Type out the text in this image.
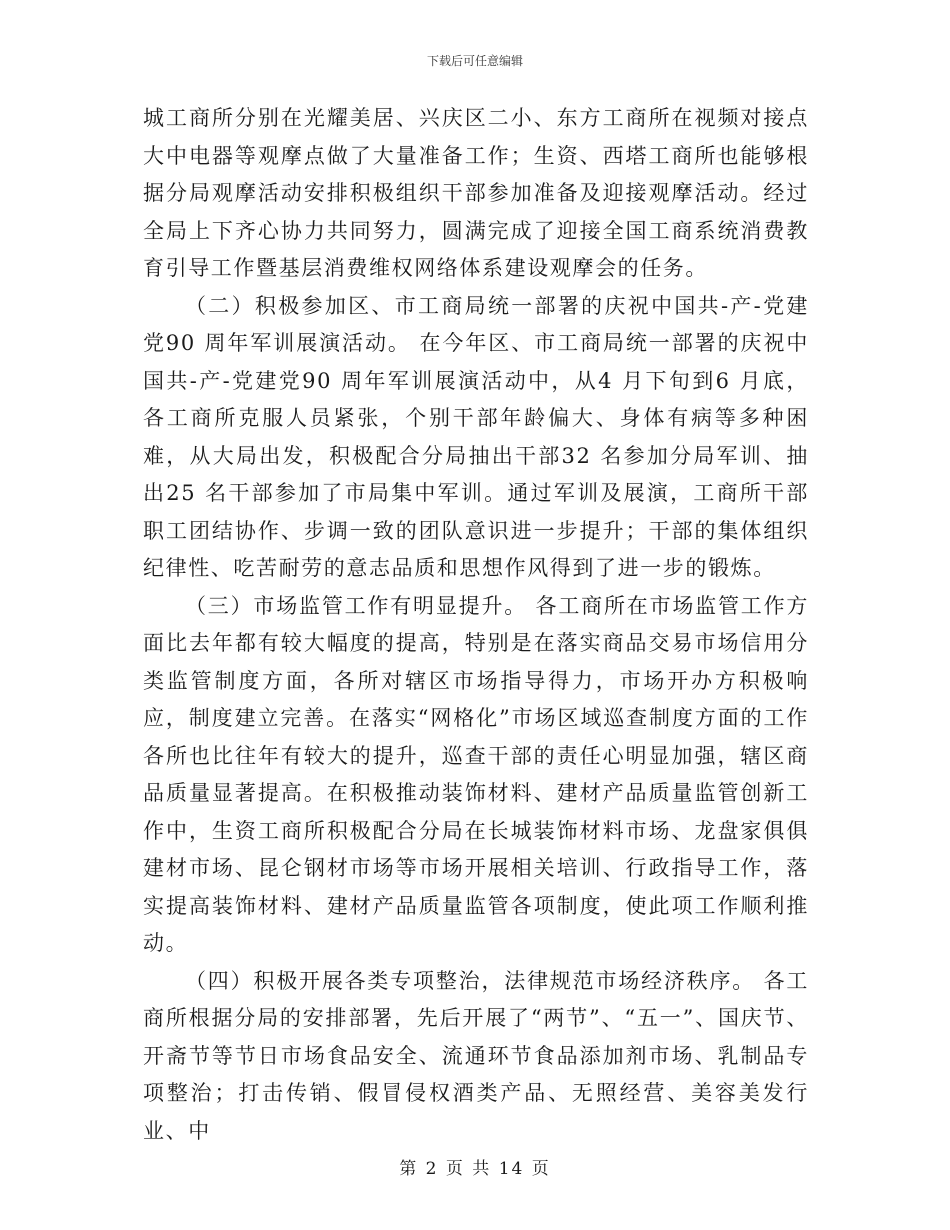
下载后可任意编辑

城工商所分别在光耀美居、兴庆区二小、东方工商所在视频对接点大中电器等观摩点做了大量准备工作；生资、西塔工商所也能够根据分局观摩活动安排积极组织干部参加准备及迎接观摩活动。经过全局上下齐心协力共同努力，圆满完成了迎接全国工商系统消费教育引导工作暨基层消费维权网络体系建设观摩会的任务。

（二）积极参加区、市工商局统一部署的庆祝中国共-产-党建党90 周年军训展演活动。 在今年区、市工商局统一部署的庆祝中国共-产-党建党90 周年军训展演活动中，从4 月下旬到6 月底，各工商所克服人员紧张，个别干部年龄偏大、身体有病等多种困难，从大局出发，积极配合分局抽出干部32 名参加分局军训、抽出25 名干部参加了市局集中军训。通过军训及展演，工商所干部职工团结协作、步调一致的团队意识进一步提升；干部的集体组织纪律性、吃苦耐劳的意志品质和思想作风得到了进一步的锻炼。

（三）市场监管工作有明显提升。 各工商所在市场监管工作方面比去年都有较大幅度的提高，特别是在落实商品交易市场信用分类监管制度方面，各所对辖区市场指导得力，市场开办方积极响应，制度建立完善。在落实“网格化”市场区域巡查制度方面的工作各所也比往年有较大的提升，巡查干部的责任心明显加强，辖区商品质量显著提高。在积极推动装饰材料、建材产品质量监管创新工作中，生资工商所积极配合分局在长城装饰材料市场、龙盘家俱俱建材市场、昆仑钢材市场等市场开展相关培训、行政指导工作，落实提高装饰材料、建材产品质量监管各项制度，使此项工作顺利推动。

（四）积极开展各类专项整治，法律规范市场经济秩序。 各工商所根据分局的安排部署，先后开展了“两节”、“五一”、国庆节、开斋节等节日市场食品安全、流通环节食品添加剂市场、乳制品专项整治；打击传销、假冒侵权酒类产品、无照经营、美容美发行业、中

第 2 页 共 14 页
